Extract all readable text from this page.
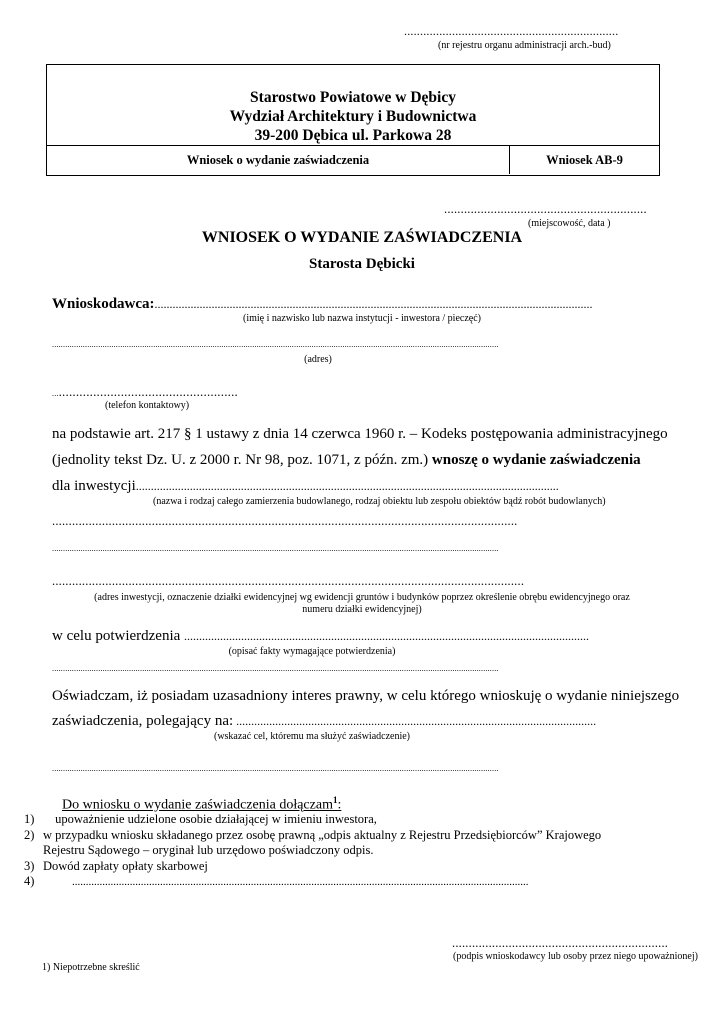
...................................................................
(nr rejestru organu administracji arch.-bud)
Starostwo Powiatowe w Dębicy
Wydział Architektury i Budownictwa
39-200 Dębica ul. Parkowa 28
Wniosek o wydanie zaświadczenia	Wniosek AB-9
.............................................................
(miejscowość, data )
WNIOSEK O WYDANIE ZAŚWIADCZENIA
Starosta Dębicki
Wnioskodawca:..................................................................................................................................................
(imię i nazwisko lub nazwa instytucji - inwestora / pieczęć)
...........................................................................................................................................................................................................
(adres)
.......................................................
(telefon kontaktowy)
na podstawie art. 217 § 1 ustawy z dnia 14 czerwca 1960 r. – Kodeks postępowania administracyjnego
(jednolity tekst Dz. U. z 2000 r. Nr 98, poz. 1071, z późn. zm.) wnoszę o wydanie zaświadczenia
dla inwestycji.............................................................................................................................................
(nazwa i rodzaj całego zamierzenia budowlanego, rodzaj obiektu lub zespołu obiektów bądź robót budowlanych)
............................................................................................................................................
...........................................................................................................................................................................................................
..............................................................................................................................................
(adres inwestycji, oznaczenie działki ewidencyjnej wg ewidencji gruntów i budynków poprzez określenie obrębu ewidencyjnego oraz
numeru działki ewidencyjnej)
w celu potwierdzenia .......................................................................................................................................
(opisać fakty wymagające potwierdzenia)
...........................................................................................................................................................................................................
Oświadczam, iż posiadam uzasadniony interes prawny, w celu którego wnioskuję o wydanie niniejszego
zaświadczenia, polegający na: ........................................................................................................................
(wskazać cel, któremu ma służyć zaświadczenie)
...........................................................................................................................................................................................................
Do wniosku o wydanie zaświadczenia dołączam$^1$:
1) upoważnienie udzielone osobie działającej w imieniu inwestora,
2) w przypadku wniosku składanego przez osobę prawną „odpis aktualny z Rejestru Przedsiębiorców” Krajowego
Rejestru Sądowego – oryginał lub urzędowo poświadczony odpis.
3) Dowód zapłaty opłaty skarbowej
4)	......................................................................................................................................................................
.................................................................
(podpis wnioskodawcy lub osoby przez niego upoważnionej)
1) Niepotrzebne skreślić
